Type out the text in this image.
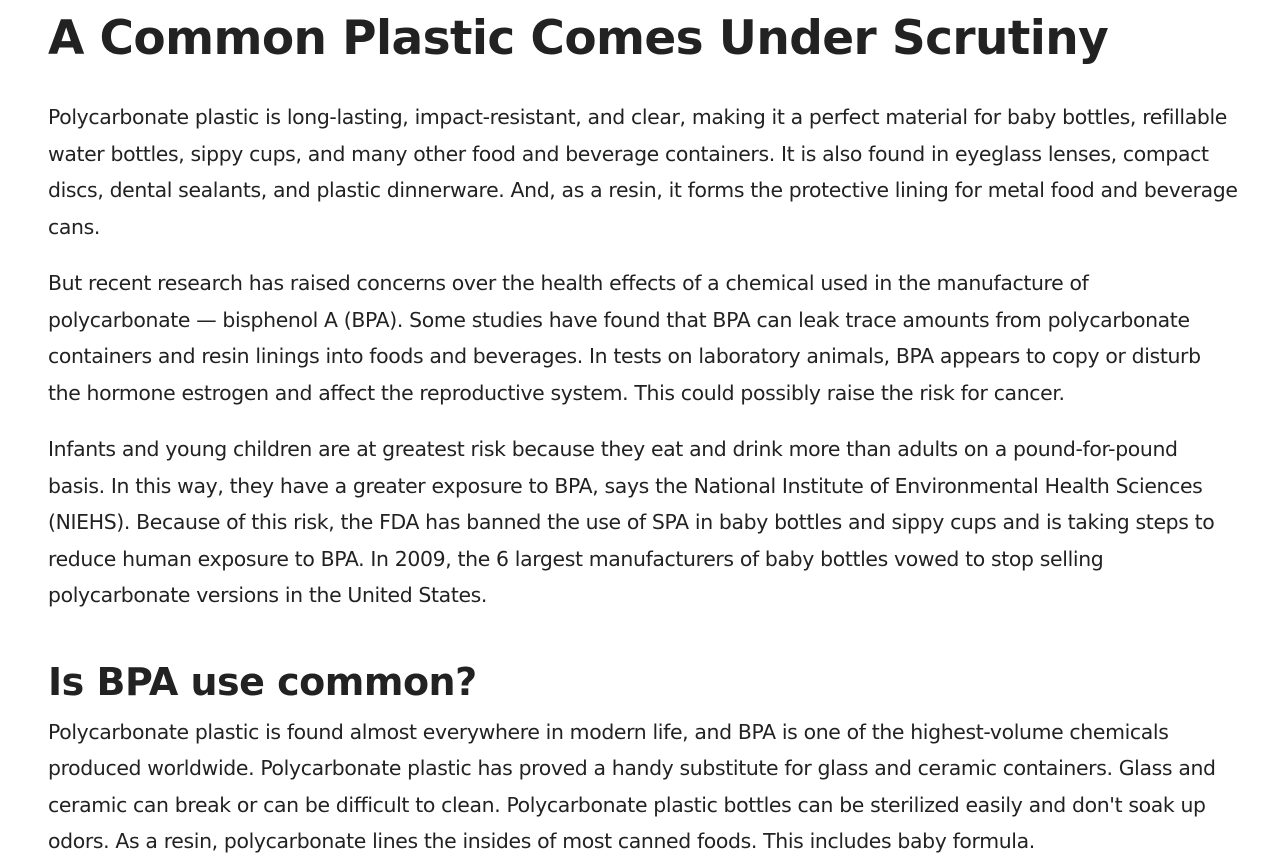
A Common Plastic Comes Under Scrutiny

Polycarbonate plastic is long-lasting, impact-resistant, and clear, making it a perfect material for baby bottles, refillable
water bottles, sippy cups, and many other food and beverage containers. It is also found in eyeglass lenses, compact
discs, dental sealants, and plastic dinnerware. And, as a resin, it forms the protective lining for metal food and beverage
cans.

But recent research has raised concerns over the health effects of a chemical used in the manufacture of
polycarbonate — bisphenol A (BPA). Some studies have found that BPA can leak trace amounts from polycarbonate
containers and resin linings into foods and beverages. In tests on laboratory animals, BPA appears to copy or disturb
the hormone estrogen and affect the reproductive system. This could possibly raise the risk for cancer.

Infants and young children are at greatest risk because they eat and drink more than adults on a pound-for-pound
basis. In this way, they have a greater exposure to BPA, says the National Institute of Environmental Health Sciences
(NIEHS). Because of this risk, the FDA has banned the use of SPA in baby bottles and sippy cups and is taking steps to
reduce human exposure to BPA. In 2009, the 6 largest manufacturers of baby bottles vowed to stop selling
polycarbonate versions in the United States.

Is BPA use common?

Polycarbonate plastic is found almost everywhere in modern life, and BPA is one of the highest-volume chemicals
produced worldwide. Polycarbonate plastic has proved a handy substitute for glass and ceramic containers. Glass and
ceramic can break or can be difficult to clean. Polycarbonate plastic bottles can be sterilized easily and don't soak up
odors. As a resin, polycarbonate lines the insides of most canned foods. This includes baby formula.
